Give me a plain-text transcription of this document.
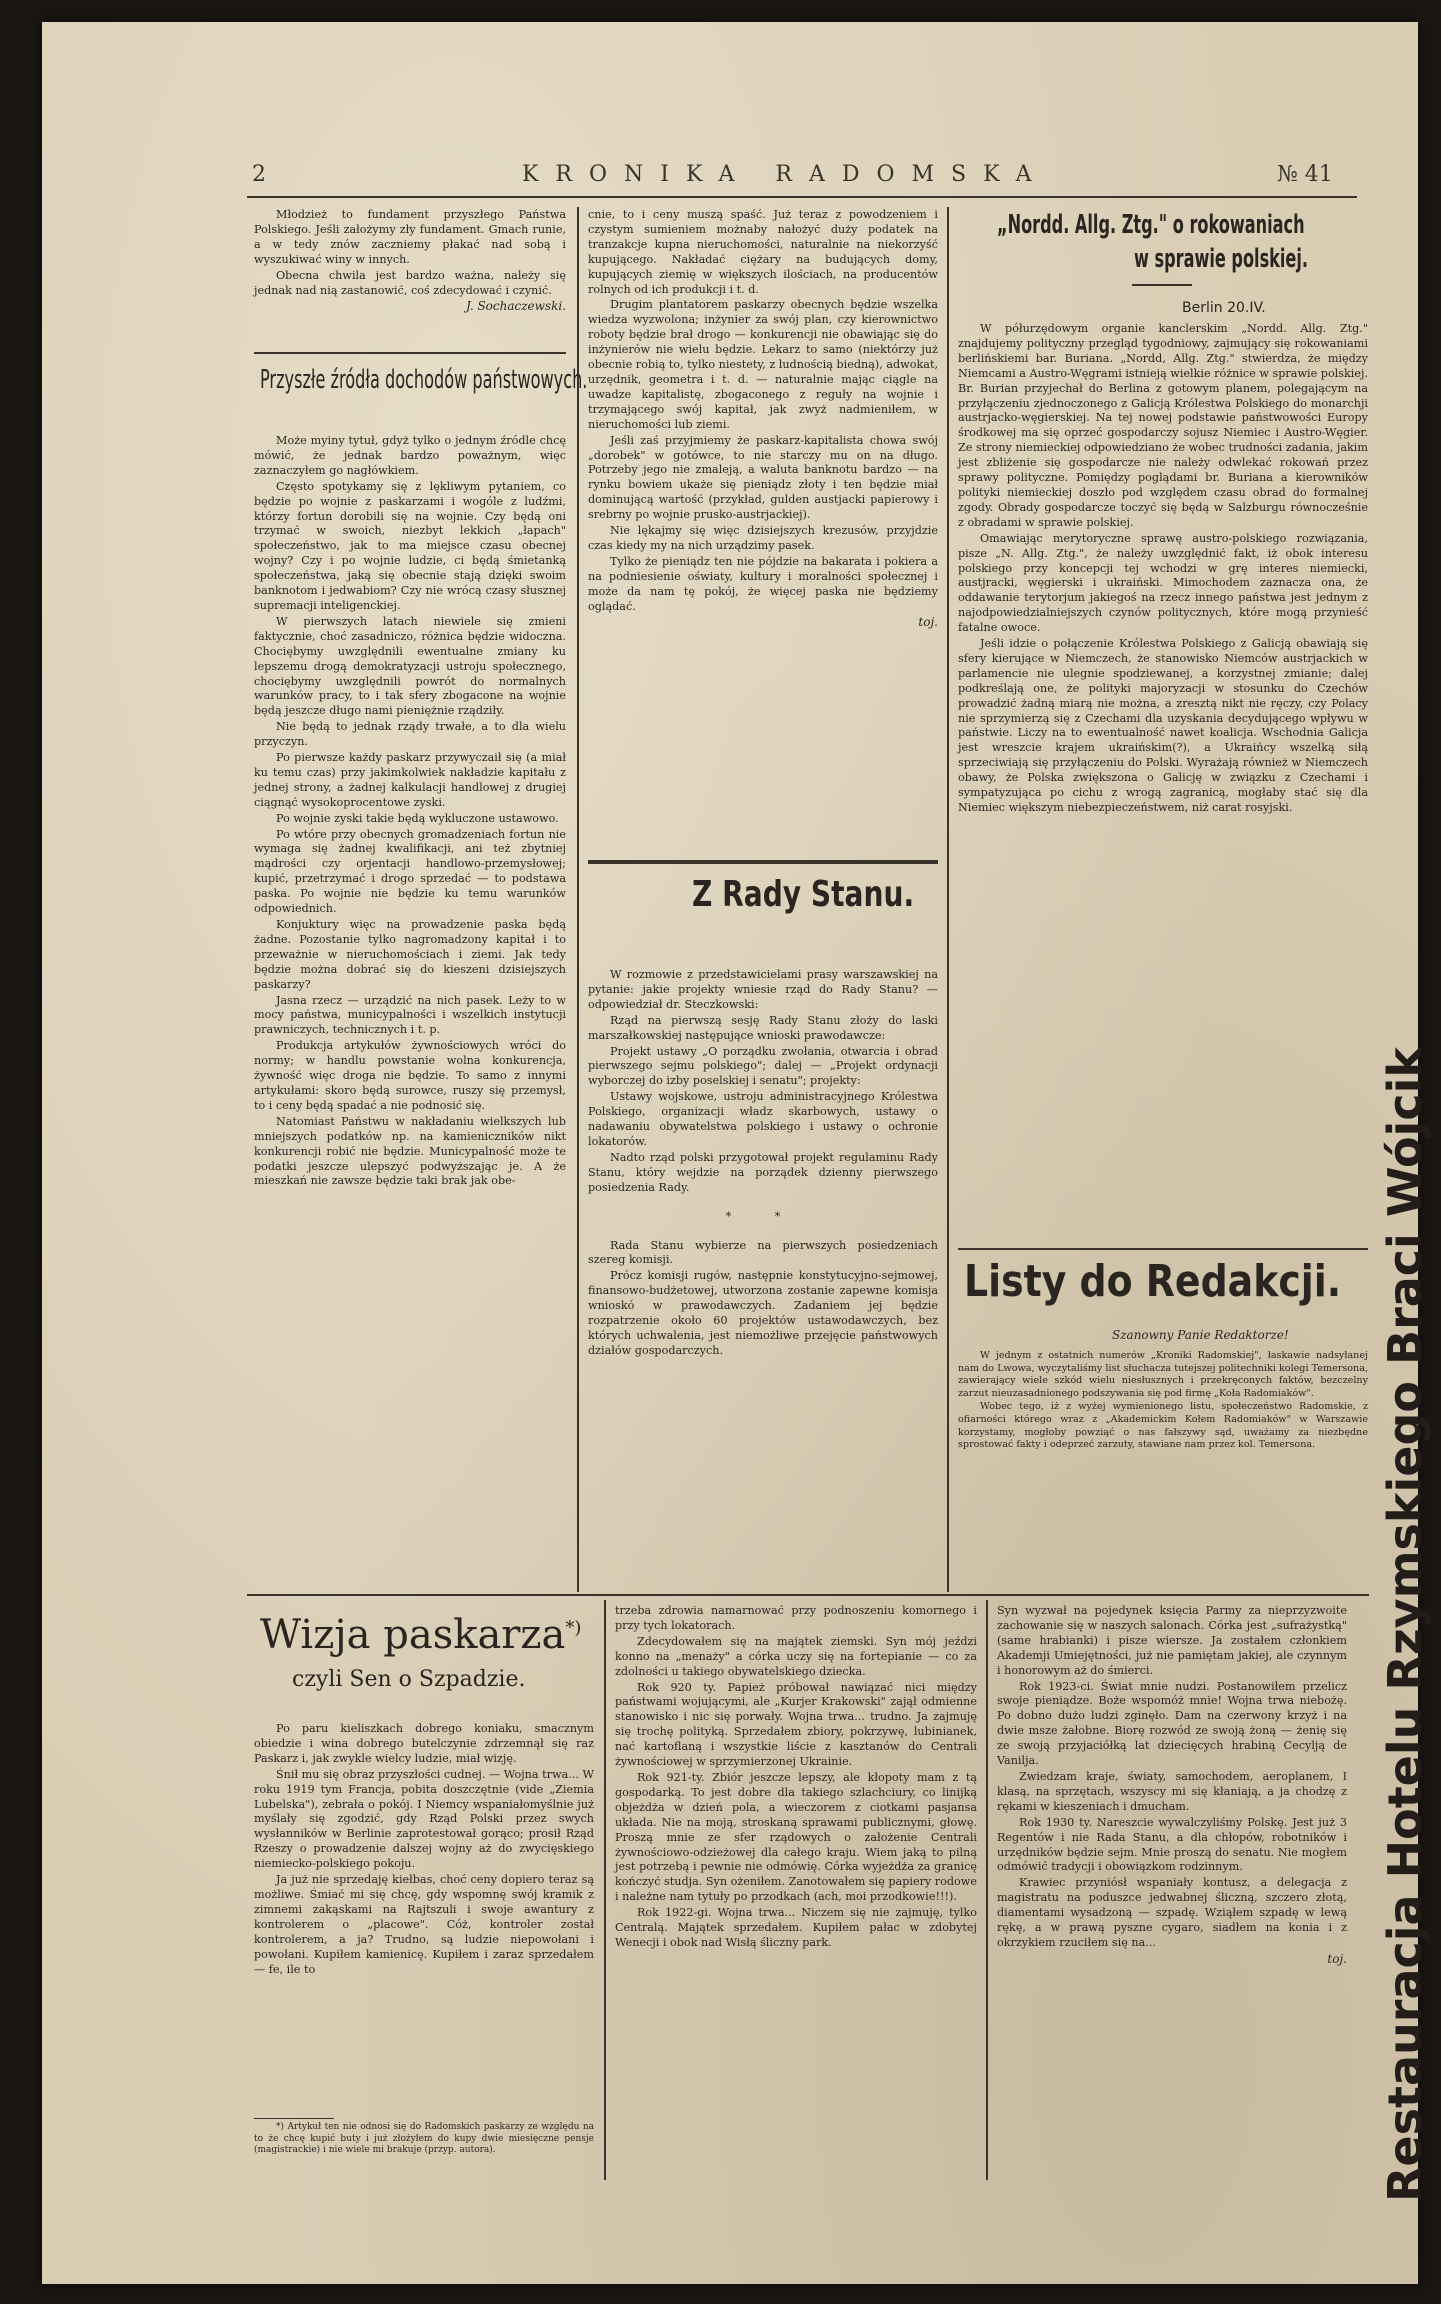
2	KRONIKA RADOMSKA	№ 41

Młodzież to fundament przyszłego Państwa Polskiego. Jeśli założymy zły fundament. Gmach runie, a w tedy znów zaczniemy płakać nad sobą i wyszukiwać winy w innych.

Obecna chwila jest bardzo ważna, należy się jednak nad nią zastanowić, coś zdecydować i czynić.

J. Sochaczewski.
Przyszłe źródła dochodów państwowych.

Może myiny tytuł, gdyż tylko o jednym źródle chcę mówić, że jednak bardzo poważnym, więc zaznaczyłem go nagłówkiem.

Często spotykamy się z lękliwym pytaniem, co będzie po wojnie z paskarzami i wogóle z ludźmi, którzy fortun dorobili się na wojnie. Czy będą oni trzymać w swoich, niezbyt lekkich „łapach" społeczeństwo, jak to ma miejsce czasu obecnej wojny? Czy i po wojnie ludzie, ci będą śmietanką społeczeństwa, jaką się obecnie stają dzięki swoim banknotom i jedwabiom? Czy nie wrócą czasy słusznej supremacji inteligenckiej.

W pierwszych latach niewiele się zmieni faktycznie, choć zasadniczo, różnica będzie widoczna. Chociębymy uwzględnili ewentualne zmiany ku lepszemu drogą demokratyzacji ustroju społecznego, chociębymy uwzględnili powrót do normalnych warunków pracy, to i tak sfery zbogacone na wojnie będą jeszcze długo nami pieniężnie rządziły.

Nie będą to jednak rządy trwałe, a to dla wielu przyczyn.

Po pierwsze każdy paskarz przywyczaił się (a miał ku temu czas) przy jakimkolwiek nakładzie kapitału z jednej strony, a żadnej kalkulacji handlowej z drugiej ciągnąć wysokoprocentowe zyski.

Po wojnie zyski takie będą wykluczone ustawowo.

Po wtóre przy obecnych gromadzeniach fortun nie wymaga się żadnej kwalifikacji, ani też zbytniej mądrości czy orjentacji handlowo-przemysłowej; kupić, przetrzymać i drogo sprzedać — to podstawa paska. Po wojnie nie będzie ku temu warunków odpowiednich.

Konjuktury więc na prowadzenie paska będą żadne. Pozostanie tylko nagromadzony kapitał i to przeważnie w nieruchomościach i ziemi. Jak tedy będzie można dobrać się do kieszeni dzisiejszych paskarzy?

Jasna rzecz — urządzić na nich pasek. Leży to w mocy państwa, municypalności i wszelkich instytucji prawniczych, technicznych i t. p.

Produkcja artykułów żywnościowych wróci do normy; w handlu powstanie wolna konkurencja, żywność więc droga nie będzie. To samo z innymi artykułami: skoro będą surowce, ruszy się przemysł, to i ceny będą spadać a nie podnosić się.

Natomiast Państwu w nakładaniu wielkszych lub mniejszych podatków np. na kamieniczników nikt konkurencji robić nie będzie. Municypalność może te podatki jeszcze ulepszyć podwyższając je. A że mieszkań nie zawsze będzie taki brak jak obe-

cnie, to i ceny muszą spaść. Już teraz z powodzeniem i czystym sumieniem możnaby nałożyć duży podatek na tranzakcje kupna nieruchomości, naturalnie na niekorzyść kupującego. Nakładać ciężary na budujących domy, kupujących ziemię w większych ilościach, na producentów rolnych od ich produkcji i t. d.

Drugim plantatorem paskarzy obecnych będzie wszelka wiedza wyzwolona; inżynier za swój plan, czy kierownictwo roboty będzie brał drogo — konkurencji nie obawiając się do inżynierów nie wielu będzie. Lekarz to samo (niektórzy już obecnie robią to, tylko niestety, z ludnością biedną), adwokat, urzędnik, geometra i t. d. — naturalnie mając ciągle na uwadze kapitalistę, zbogaconego z reguły na wojnie i trzymającego swój kapitał, jak zwyż nadmieniłem, w nieruchomości lub ziemi.

Jeśli zaś przyjmiemy że paskarz-kapitalista chowa swój „dorobek" w gotówce, to nie starczy mu on na długo. Potrzeby jego nie zmaleją, a waluta banknotu bardzo — na rynku bowiem ukaże się pieniądz złoty i ten będzie miał dominującą wartość (przykład, gulden austjacki papierowy i srebrny po wojnie prusko-austrjackiej).

Nie lękajmy się więc dzisiejszych krezusów, przyjdzie czas kiedy my na nich urządzimy pasek.

Tylko że pieniądz ten nie pójdzie na bakarata i pokiera a na podniesienie oświaty, kultury i moralności społecznej i może da nam tę pokój, że więcej paska nie będziemy oglądać.

toj.
Z Rady Stanu.

W rozmowie z przedstawicielami prasy warszawskiej na pytanie: jakie projekty wniesie rząd do Rady Stanu? — odpowiedział dr. Steczkowski:

Rząd na pierwszą sesję Rady Stanu złoży do laski marszałkowskiej następujące wnioski prawodawcze:

Projekt ustawy „O porządku zwołania, otwarcia i obrad pierwszego sejmu polskiego"; dalej — „Projekt ordynacji wyborczej do izby poselskiej i senatu"; projekty:

Ustawy wojskowe, ustroju administracyjnego Królestwa Polskiego, organizacji władz skarbowych, ustawy o nadawaniu obywatelstwa polskiego i ustawy o ochronie lokatorów.

Nadto rząd polski przygotował projekt regulaminu Rady Stanu, który wejdzie na porządek dzienny pierwszego posiedzenia Rady.

* *

Rada Stanu wybierze na pierwszych posiedzeniach szereg komisji.

Prócz komisji rugów, następnie konstytucyjno-sejmowej, finansowo-budżetowej, utworzona zostanie zapewne komisja wnioskó w prawodawczych. Zadaniem jej będzie rozpatrzenie około 60 projektów ustawodawczych, bez których uchwalenia, jest niemożliwe przejęcie państwowych działów gospodarczych.

„Nordd. Allg. Ztg." o rokowaniach
w sprawie polskiej.
Berlin 20.IV.

W półurzędowym organie kanclerskim „Nordd. Allg. Ztg." znajdujemy polityczny przegląd tygodniowy, zajmujący się rokowaniami berlińskiemi bar. Buriana. „Nordd, Allg. Ztg." stwierdza, że między Niemcami a Austro-Węgrami istnieją wielkie różnice w sprawie polskiej. Br. Burian przyjechał do Berlina z gotowym planem, polegającym na przyłączeniu zjednoczonego z Galicją Królestwa Polskiego do monarchji austrjacko-węgierskiej. Na tej nowej podstawie państwowości Europy środkowej ma się oprzeć gospodarczy sojusz Niemiec i Austro-Węgier. Ze strony niemieckiej odpowiedziano że wobec trudności zadania, jakim jest zbliżenie się gospodarcze nie należy odwlekać rokowań przez sprawy polityczne. Pomiędzy poglądami br. Buriana a kierowników polityki niemieckiej doszło pod względem czasu obrad do formalnej zgody. Obrady gospodarcze toczyć się będą w Salzburgu równocześnie z obradami w sprawie polskiej.

Omawiając merytoryczne sprawę austro-polskiego rozwiązania, pisze „N. Allg. Ztg.", że należy uwzględnić fakt, iż obok interesu polskiego przy koncepcji tej wchodzi w grę interes niemiecki, austjracki, węgierski i ukraiński. Mimochodem zaznacza ona, że oddawanie terytorjum jakiegoś na rzecz innego państwa jest jednym z najodpowiedzialniejszych czynów politycznych, które mogą przynieść fatalne owoce.

Jeśli idzie o połączenie Królestwa Polskiego z Galicją obawiają się sfery kierujące w Niemczech, że stanowisko Niemców austrjackich w parlamencie nie ulegnie spodziewanej, a korzystnej zmianie; dalej podkreślają one, że polityki majoryzacji w stosunku do Czechów prowadzić żadną miarą nie można, a zresztą nikt nie ręczy, czy Polacy nie sprzymierzą się z Czechami dla uzyskania decydującego wpływu w państwie. Liczy na to ewentualność nawet koalicja. Wschodnia Galicja jest wreszcie krajem ukraińskim(?), a Ukraińcy wszelką siłą sprzeciwiają się przyłączeniu do Polski. Wyrażają również w Niemczech obawy, że Polska zwiększona o Galicję w związku z Czechami i sympatyzująca po cichu z wrogą zagranicą, mogłaby stać się dla Niemiec większym niebezpieczeństwem, niż carat rosyjski.

Listy do Redakcji.
Szanowny Panie Redaktorze!

W jednym z ostatnich numerów „Kroniki Radomskiej", łaskawie nadsyłanej nam do Lwowa, wyczytaliśmy list słuchacza tutejszej politechniki kolegi Temersona, zawierający wiele szkód wielu niesłusznych i przekręconych faktów, bezczelny zarzut nieuzasadnionego podszywania się pod firmę „Koła Radomiaków".

Wobec tego, iż z wyżej wymienionego listu, społeczeństwo Radomskie, z ofiarności którego wraz z „Akademickim Kołem Radomiaków" w Warszawie korzystamy, mogłoby powziąć o nas fałszywy sąd, uważamy za niezbędne sprostować fakty i odeprzeć zarzuty, stawiane nam przez kol. Temersona.

Wizja paskarza*)
czyli Sen o Szpadzie.

Po paru kieliszkach dobrego koniaku, smacznym obiedzie i wina dobrego butelczynie zdrzemnął się raz Paskarz i, jak zwykle wielcy ludzie, miał wizję.

Śnił mu się obraz przyszłości cudnej. — Wojna trwa... W roku 1919 tym Francja, pobita doszczętnie (vide „Ziemia Lubelska"), zebrała o pokój. I Niemcy wspaniałomyślnie już myślały się zgodzić, gdy Rząd Polski przez swych wysłanników w Berlinie zaprotestował gorąco; prosił Rząd Rzeszy o prowadzenie dalszej wojny aż do zwycięskiego niemiecko-polskiego pokoju.

Ja już nie sprzedaję kiełbas, choć ceny dopiero teraz są możliwe. Śmiać mi się chcę, gdy wspomnę swój kramik z zimnemi zakąskami na Rajtszuli i swoje awantury z kontrolerem o „placowe". Cóż, kontroler został kontrolerem, a ja? Trudno, są ludzie niepowołani i powołani. Kupiłem kamienicę. Kupiłem i zaraz sprzedałem — fe, ile to

*) Artykuł ten nie odnosi się do Radomskich paskarzy ze względu na to że chcę kupić buty i już złożyłem do kupy dwie miesięczne pensje (magistrackie) i nie wiele mi brakuje (przyp. autora).

trzeba zdrowia namarnować przy podnoszeniu komornego i przy tych lokatorach.

Zdecydowałem się na majątek ziemski. Syn mój jeździ konno na „menaży" a córka uczy się na fortepianie — co za zdolności u takiego obywatelskiego dziecka.

Rok 920 ty. Papież próbował nawiązać nici między państwami wojującymi, ale „Kurjer Krakowski" zajął odmienne stanowisko i nic się porwały. Wojna trwa... trudno. Ja zajmuję się trochę polityką. Sprzedałem zbiory, pokrzywę, lubinianek, nać kartoflaną i wszystkie liście z kasztanów do Centrali żywnościowej w sprzymierzonej Ukrainie.

Rok 921-ty. Zbiór jeszcze lepszy, ale kłopoty mam z tą gospodarką. To jest dobre dla takiego szlachciury, co linijką objeżdża w dzień pola, a wieczorem z ciotkami pasjansa układa. Nie na moją, stroskaną sprawami publicznymi, głowę. Proszą mnie ze sfer rządowych o założenie Centrali żywnościowo-odzieżowej dla całego kraju. Wiem jaką to pilną jest potrzebą i pewnie nie odmówię. Córka wyjeżdża za granicę kończyć studja. Syn ożeniłem. Zanotowałem się papiery rodowe i należne nam tytuły po przodkach (ach, moi przodkowie!!!).

Rok 1922-gi. Wojna trwa... Niczem się nie zajmuję, tylko Centralą. Majątek sprzedałem. Kupiłem pałac w zdobytej Wenecji i obok nad Wisłą śliczny park.

Syn wyzwał na pojedynek księcia Parmy za nieprzyzwoite zachowanie się w naszych salonach. Córka jest „sufrażystką" (same hrabianki) i pisze wiersze. Ja zostałem członkiem Akademji Umiejętności, już nie pamiętam jakiej, ale czynnym i honorowym aż do śmierci.

Rok 1923-ci. Świat mnie nudzi. Postanowiłem przelicz swoje pieniądze. Boże wspomóż mnie! Wojna trwa niebożę. Po dobno dużo ludzi zginęło. Dam na czerwony krzyż i na dwie msze żałobne. Biorę rozwód ze swoją żoną — żenię się ze swoją przyjaciółką lat dziecięcych hrabiną Cecylją de Vanilja.

Zwiedzam kraje, światy, samochodem, aeroplanem, I klasą, na sprzętach, wszyscy mi się kłaniają, a ja chodzę z rękami w kieszeniach i dmucham.

Rok 1930 ty. Nareszcie wywalczyliśmy Polskę. Jest już 3 Regentów i nie Rada Stanu, a dla chłopów, robotników i urzędników będzie sejm. Mnie proszą do senatu. Nie mogłem odmówić tradycji i obowiązkom rodzinnym.

Krawiec przyniósł wspaniały kontusz, a delegacja z magistratu na poduszce jedwabnej śliczną, szczero złotą, diamentami wysadzoną — szpadę. Wziąłem szpadę w lewą rękę, a w prawą pyszne cygaro, siadłem na konia i z okrzykiem rzuciłem się na...

toj. Restauracja Hotelu Rzymskiego Braci Wójcik
